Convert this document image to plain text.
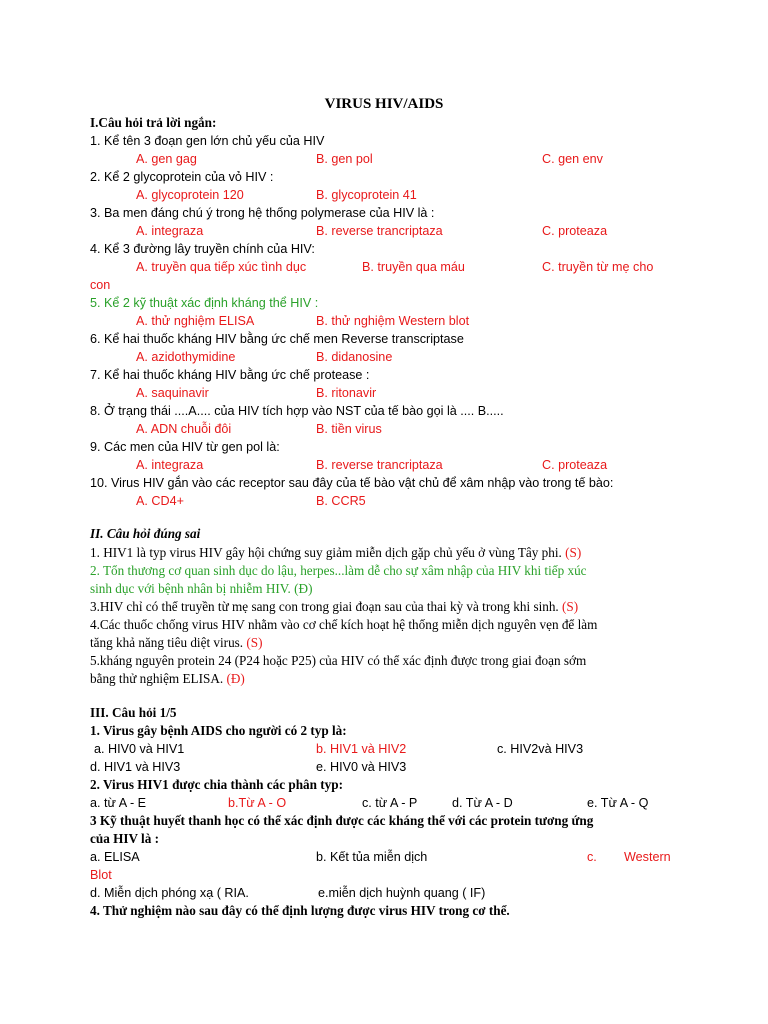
VIRUS HIV/AIDS
I.Câu hỏi trả lời ngắn:
1. Kể tên 3 đoạn gen lớn chủ yếu của HIV
A. gen gag	B. gen pol	C. gen env
2. Kể 2 glycoprotein của vỏ HIV :
A. glycoprotein 120	B. glycoprotein 41
3. Ba men đáng chú ý trong hệ thống polymerase của HIV là :
A. integraza	B. reverse trancriptaza	C. proteaza
4. Kể 3 đường lây truyền chính của HIV:
A. truyền qua tiếp xúc tình dục	B. truyền qua máu	C. truyền từ mẹ cho
con
5. Kể 2 kỹ thuật xác định kháng thể HIV :
A. thử nghiệm ELISA	B. thử nghiệm Western blot
6. Kể hai thuốc kháng HIV bằng ức chế men Reverse transcriptase
A. azidothymidine	B. didanosine
7. Kể hai thuốc kháng HIV bằng ức chế protease :
A. saquinavir	B. ritonavir
8. Ở trạng thái ....A.... của HIV tích hợp vào NST của tế bào gọi là .... B.....
A. ADN chuỗi đôi	B. tiền virus
9. Các men của HIV từ gen pol là:
A. integraza	B. reverse trancriptaza	C. proteaza
10. Virus HIV gắn vào các receptor sau đây của tế bào vật chủ để xâm nhập vào trong tế bào:
A. CD4+	B. CCR5
II. Câu hỏi đúng sai
1. HIV1 là typ virus HIV gây hội chứng suy giảm miễn dịch gặp chủ yếu ở vùng Tây phi. (S)
2. Tổn thương cơ quan sinh dục do lậu, herpes...làm dễ cho sự xâm nhập của HIV khi tiếp xúc
sinh dục với bệnh nhân bị nhiễm HIV. (Đ)
3.HIV chỉ có thể truyền từ mẹ sang con trong giai đoạn sau của thai kỳ và trong khi sinh. (S)
4.Các thuốc chống virus HIV nhằm vào cơ chế kích hoạt hệ thống miễn dịch nguyên vẹn để làm
tăng khả năng tiêu diệt virus. (S)
5.kháng nguyên protein 24 (P24 hoặc P25) của HIV có thể xác định được trong giai đoạn sớm
bằng thử nghiệm ELISA. (Đ)
III. Câu hỏi 1/5
1. Virus gây bệnh AIDS cho người có 2 typ là:
a. HIV0 và HIV1	b. HIV1 và HIV2	c. HIV2và HIV3
d. HIV1 và HIV3	e. HIV0 và HIV3
2. Virus HIV1 được chia thành các phân typ:
a. từ A - E	b.Từ A - O	c. từ A - P	d. Từ A - D	e. Từ A - Q
3 Kỹ thuật huyết thanh học có thể xác định được các kháng thể với các protein tương ứng
của HIV là :
a. ELISA	b. Kết tủa miễn dịch	c. Western
Blot
d. Miễn dịch phóng xạ ( RIA.	e.miễn dịch huỳnh quang ( IF)
4. Thử nghiệm nào sau đây có thể định lượng được virus HIV trong cơ thể.
